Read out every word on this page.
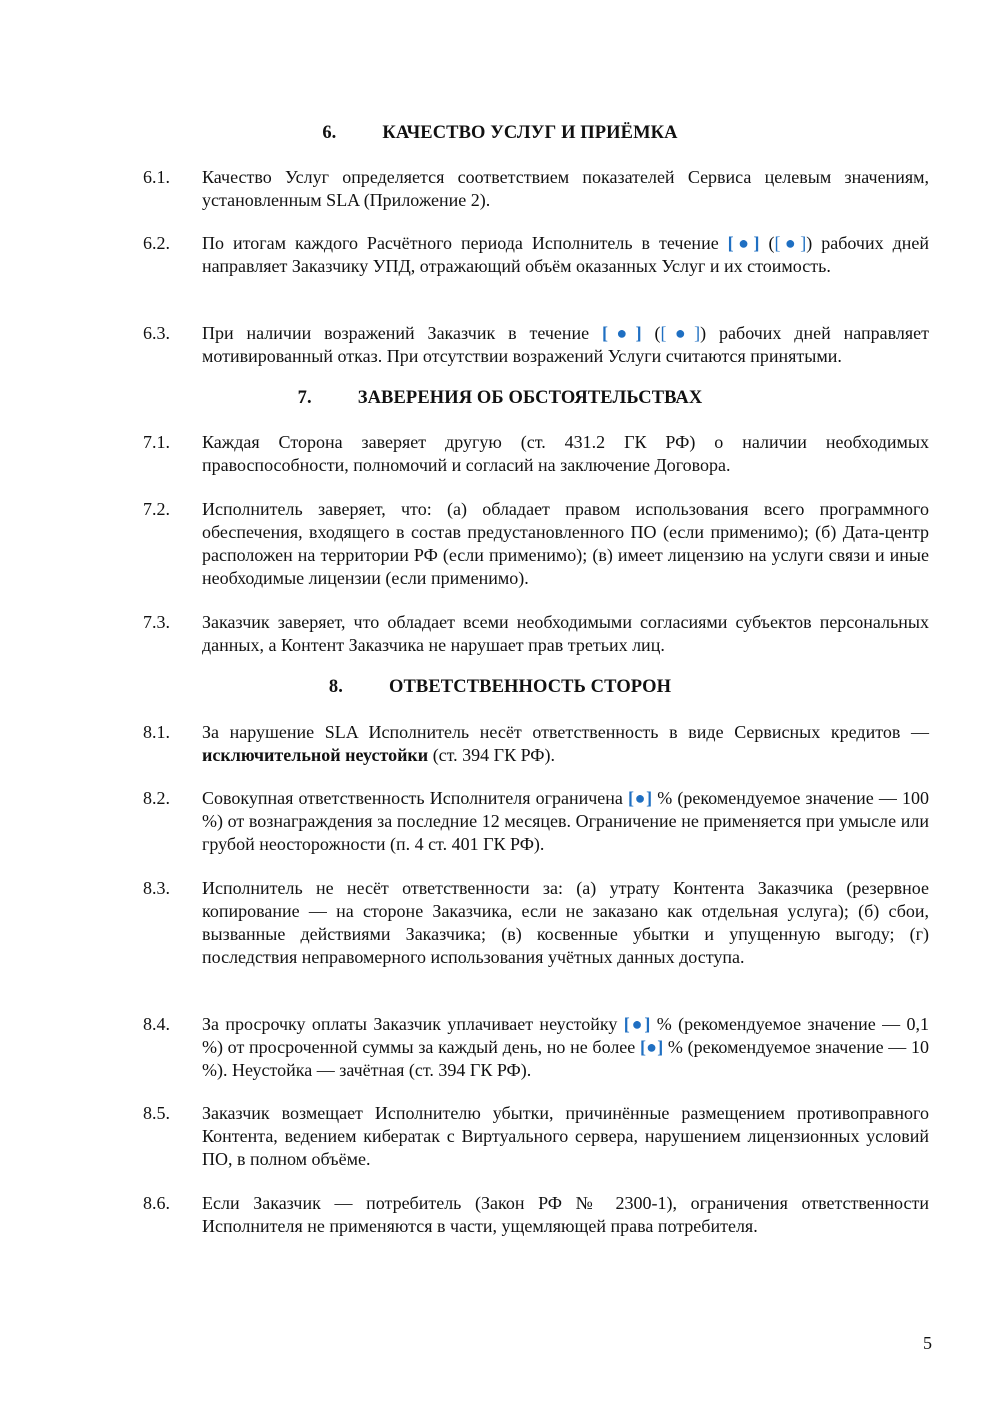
6. КАЧЕСТВО УСЛУГ И ПРИЁМКА
6.1.	Качество Услуг определяется соответствием показателей Сервиса целевым значениям, установленным SLA (Приложение 2).
6.2.	По итогам каждого Расчётного периода Исполнитель в течение [●] ([●]) рабочих дней направляет Заказчику УПД, отражающий объём оказанных Услуг и их стоимость.
6.3.	При наличии возражений Заказчик в течение [●] ([●]) рабочих дней направляет мотивированный отказ. При отсутствии возражений Услуги считаются принятыми.
7. ЗАВЕРЕНИЯ ОБ ОБСТОЯТЕЛЬСТВАХ
7.1.	Каждая Сторона заверяет другую (ст. 431.2 ГК РФ) о наличии необходимых правоспособности, полномочий и согласий на заключение Договора.
7.2.	Исполнитель заверяет, что: (а) обладает правом использования всего программного обеспечения, входящего в состав предустановленного ПО (если применимо); (б) Дата-центр расположен на территории РФ (если применимо); (в) имеет лицензию на услуги связи и иные необходимые лицензии (если применимо).
7.3.	Заказчик заверяет, что обладает всеми необходимыми согласиями субъектов персональных данных, а Контент Заказчика не нарушает прав третьих лиц.
8. ОТВЕТСТВЕННОСТЬ СТОРОН
8.1.	За нарушение SLA Исполнитель несёт ответственность в виде Сервисных кредитов — исключительной неустойки (ст. 394 ГК РФ).
8.2.	Совокупная ответственность Исполнителя ограничена [●] % (рекомендуемое значение — 100 %) от вознаграждения за последние 12 месяцев. Ограничение не применяется при умысле или грубой неосторожности (п. 4 ст. 401 ГК РФ).
8.3.	Исполнитель не несёт ответственности за: (а) утрату Контента Заказчика (резервное копирование — на стороне Заказчика, если не заказано как отдельная услуга); (б) сбои, вызванные действиями Заказчика; (в) косвенные убытки и упущенную выгоду; (г) последствия неправомерного использования учётных данных доступа.
8.4.	За просрочку оплаты Заказчик уплачивает неустойку [●] % (рекомендуемое значение — 0,1 %) от просроченной суммы за каждый день, но не более [●] % (рекомендуемое значение — 10 %). Неустойка — зачётная (ст. 394 ГК РФ).
8.5.	Заказчик возмещает Исполнителю убытки, причинённые размещением противоправного Контента, ведением кибератак с Виртуального сервера, нарушением лицензионных условий ПО, в полном объёме.
8.6.	Если Заказчик — потребитель (Закон РФ № 2300-1), ограничения ответственности Исполнителя не применяются в части, ущемляющей права потребителя.
5
